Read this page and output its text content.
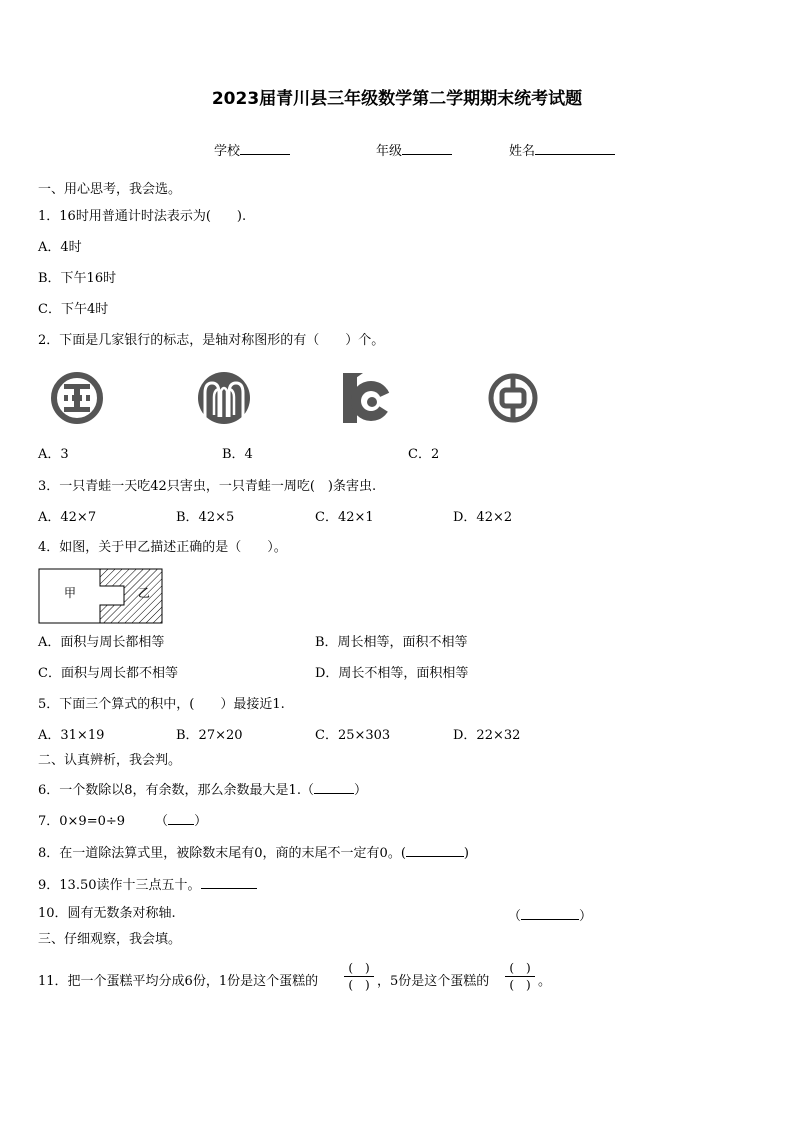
2023届青川县三年级数学第二学期期末统考试题
学校	年级	姓名
一、用心思考，我会选。
1．16时用普通计时法表示为(　　).
A．4时
B．下午16时
C．下午4时
2．下面是几家银行的标志，是轴对称图形的有（　　）个。
A．3	B．4	C．2
3．一只青蛙一天吃42只害虫，一只青蛙一周吃(　)条害虫.
A．42×7	B．42×5	C．42×1	D．42×2
4．如图，关于甲乙描述正确的是（　　）。
甲	乙
A．面积与周长都相等	B．周长相等，面积不相等
C．面积与周长都不相等	D．周长不相等，面积相等
5．下面三个算式的积中，(　　）最接近1.
A．31×19	B．27×20	C．25×303	D．22×32
二、认真辨析，我会判。
6．一个数除以8，有余数，那么余数最大是1.（	）
7．0×9=0÷9 （ ）
8．在一道除法算式里，被除数末尾有0，商的末尾不一定有0。(	)
9．13.50读作十三点五十。
10．圆有无数条对称轴.	（	）
三、仔细观察，我会填。
11．把一个蛋糕平均分成6份，1份是这个蛋糕的
(　)
(　) ，5份是这个蛋糕的
(　)
(　) 。
